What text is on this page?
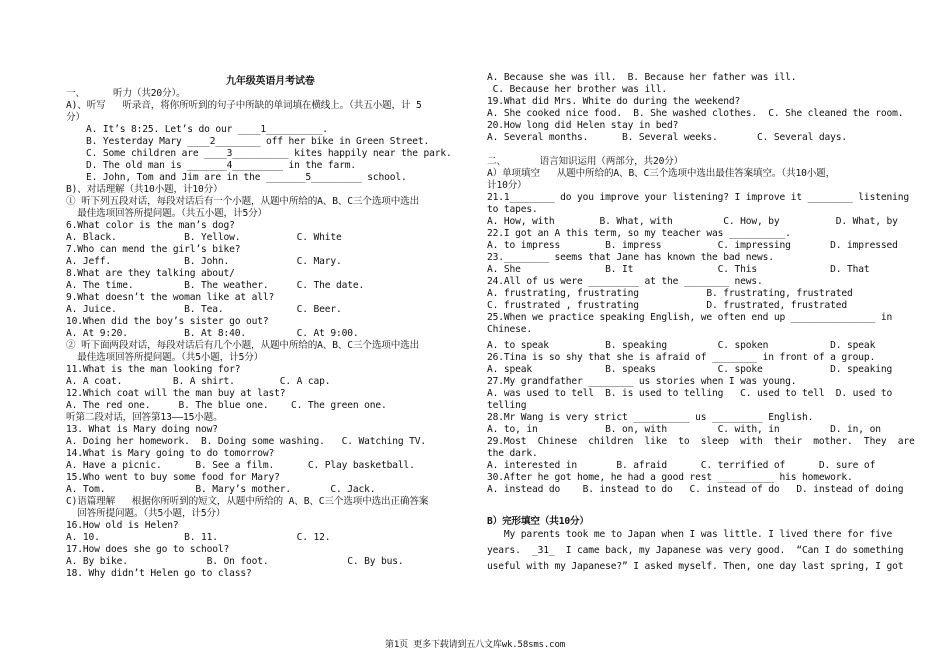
九年级英语月考试卷
一、     听力（共20分）。
A)、听写   听录音，将你所听到的句子中所缺的单词填在横线上。（共五小题，计 5
分）
A. It’s 8:25. Let’s do our ____1__________.
B. Yesterday Mary ____2________ off her bike in Green Street.
C. Some children are ____3__________ kites happily near the park.
D. The old man is _______4_________ in the farm.
E. John, Tom and Jim are in the _______5_________ school.
B)、对话理解（共10小题，计10分）
① 听下列五段对话，每段对话后有一个小题，从题中所给的A、B、C三个选项中选出
最佳选项回答所提问题。（共五小题，计5分）
6.What color is the man’s dog?
A. Black.            B. Yellow.          C. White
7.Who can mend the girl’s bike?
A. Jeff.             B. John.            C. Mary.
8.What are they talking about/
A. The time.         B. The weather.     C. The date.
9.What doesn’t the woman like at all?
A. Juice.            B. Tea.             C. Beer.
10.When did the boy’s sister go out?
A. At 9:20.          B. At 8:40.         C. At 9:00.
② 听下面两段对话，每段对话后有几个小题，从题中所给的A、B、C三个选项中选出
最佳选项回答所提问题。（共5小题，计5分）
11.What is the man looking for?
A. A coat.         B. A shirt.        C. A cap.
12.Which coat will the man buy at last?
A. The red one.     B. The blue one.    C. The green one.
听第二段对话，回答第13——15小题。
13. What is Mary doing now?
A. Doing her homework.  B. Doing some washing.   C. Watching TV.
14.What is Mary going to do tomorrow?
A. Have a picnic.      B. See a film.      C. Play basketball.
15.Who went to buy some food for Mary?
A. Tom.                B. Mary’s mother.       C. Jack.
C)语篇理解   根据你所听到的短文，从题中所给的 A、B、C三个选项中选出正确答案
回答所提问题。（共5小题，计5分）
16.How old is Helen?
A. 10.               B. 11.              C. 12.
17.How does she go to school?
A. By bike.              B. On foot.              C. By bus.
18. Why didn’t Helen go to class?
A. Because she was ill.  B. Because her father was ill.
C. Because her brother was ill.
19.What did Mrs. White do during the weekend?
A. She cooked nice food.  B. She washed clothes.  C. She cleaned the room.
20.How long did Helen stay in bed?
A. Several months.      B. Several weeks.       C. Several days.
二、      语言知识运用（两部分，共20分）
A）单项填空   从题中所给的A、B、C三个选项中选出最佳答案填空。（共10小题，
计10分）
21.1________ do you improve your listening? I improve it ________ listening
to tapes.
A. How, with        B. What, with         C. How, by          D. What, by
22.I got an A this term, so my teacher was __________.
A. to impress        B. impress          C. impressing       D. impressed
23.________ seems that Jane has known the bad news.
A. She               B. It               C. This             D. That
24.All of us were _________ at the ________ news.
A. frustrating, frustrating            B. frustrating, frustrated
C. frustrated , frustrating            D. frustrated, frustrated
25.When we practice speaking English, we often end up _______________ in
Chinese.
A. to speak          B. speaking         C. spoken           D. speak
26.Tina is so shy that she is afraid of ________ in front of a group.
A. speak             B. speaks           C. spoke            D. speaking
27.My grandfather ________ us stories when I was young.
A. was used to tell  B. is used to telling   C. used to tell  D. used to
telling
28.Mr Wang is very strict __________ us _________ English.
A. to, in            B. on, with         C. with, in         D. in, on
29.Most  Chinese  children  like  to  sleep  with  their  mother.  They  are
the dark.
A. interested in       B. afraid      C. terrified of      D. sure of
30.After he got home, he had a good rest __________ his homework.
A. instead do    B. instead to do   C. instead of do   D. instead of doing
B）完形填空（共10分）
My parents took me to Japan when I was little. I lived there for five
years.  _31_  I came back, my Japanese was very good.  “Can I do something
useful with my Japanese?” I asked myself. Then, one day last spring, I got
第1页 更多下载请到五八文库wk.58sms.com
